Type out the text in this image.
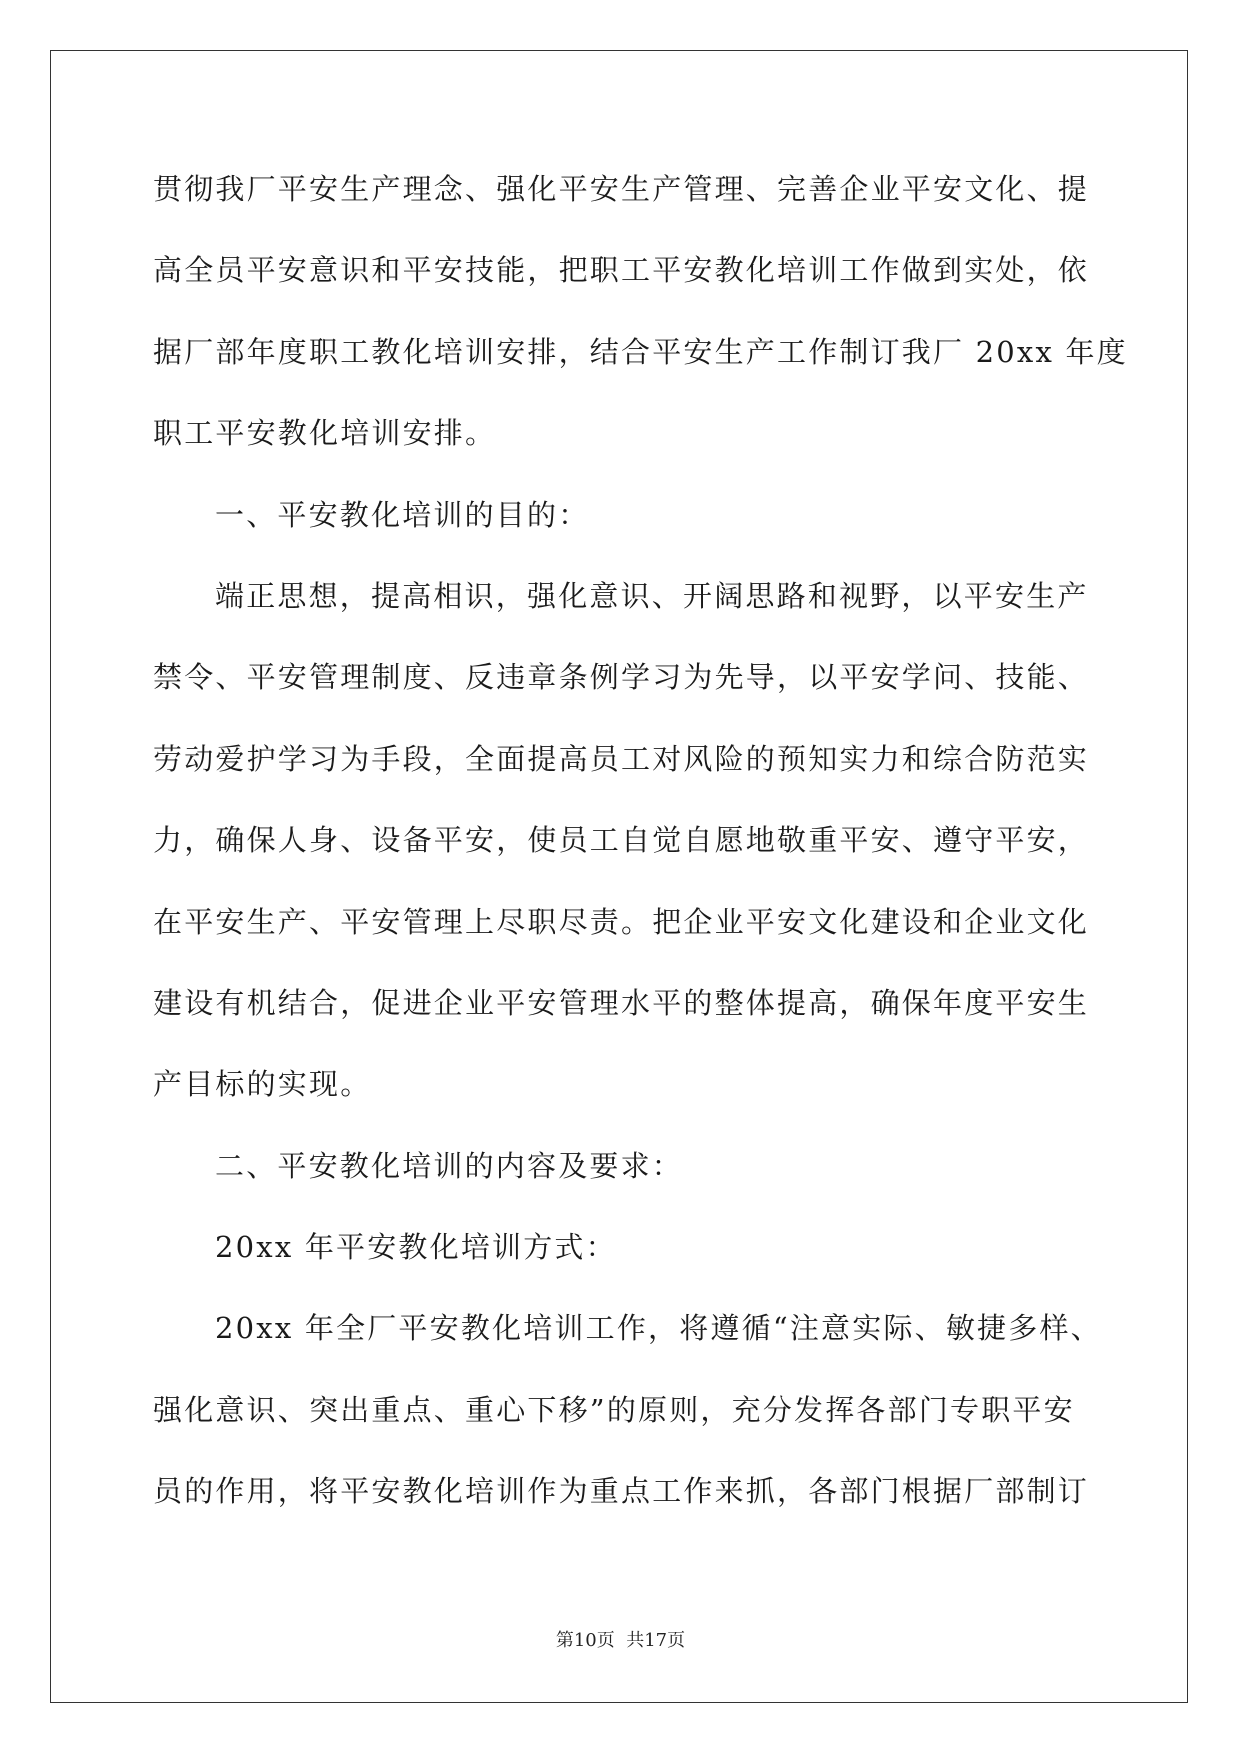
贯彻我厂平安生产理念、强化平安生产管理、完善企业平安文化、提
高全员平安意识和平安技能，把职工平安教化培训工作做到实处，依
据厂部年度职工教化培训安排，结合平安生产工作制订我厂 20xx 年度
职工平安教化培训安排。
一、平安教化培训的目的：
端正思想，提高相识，强化意识、开阔思路和视野，以平安生产
禁令、平安管理制度、反违章条例学习为先导，以平安学问、技能、
劳动爱护学习为手段，全面提高员工对风险的预知实力和综合防范实
力，确保人身、设备平安，使员工自觉自愿地敬重平安、遵守平安，
在平安生产、平安管理上尽职尽责。把企业平安文化建设和企业文化
建设有机结合，促进企业平安管理水平的整体提高，确保年度平安生
产目标的实现。
二、平安教化培训的内容及要求：
20xx 年平安教化培训方式：
20xx 年全厂平安教化培训工作，将遵循“注意实际、敏捷多样、
强化意识、突出重点、重心下移”的原则，充分发挥各部门专职平安
员的作用，将平安教化培训作为重点工作来抓，各部门根据厂部制订
第10页  共17页
